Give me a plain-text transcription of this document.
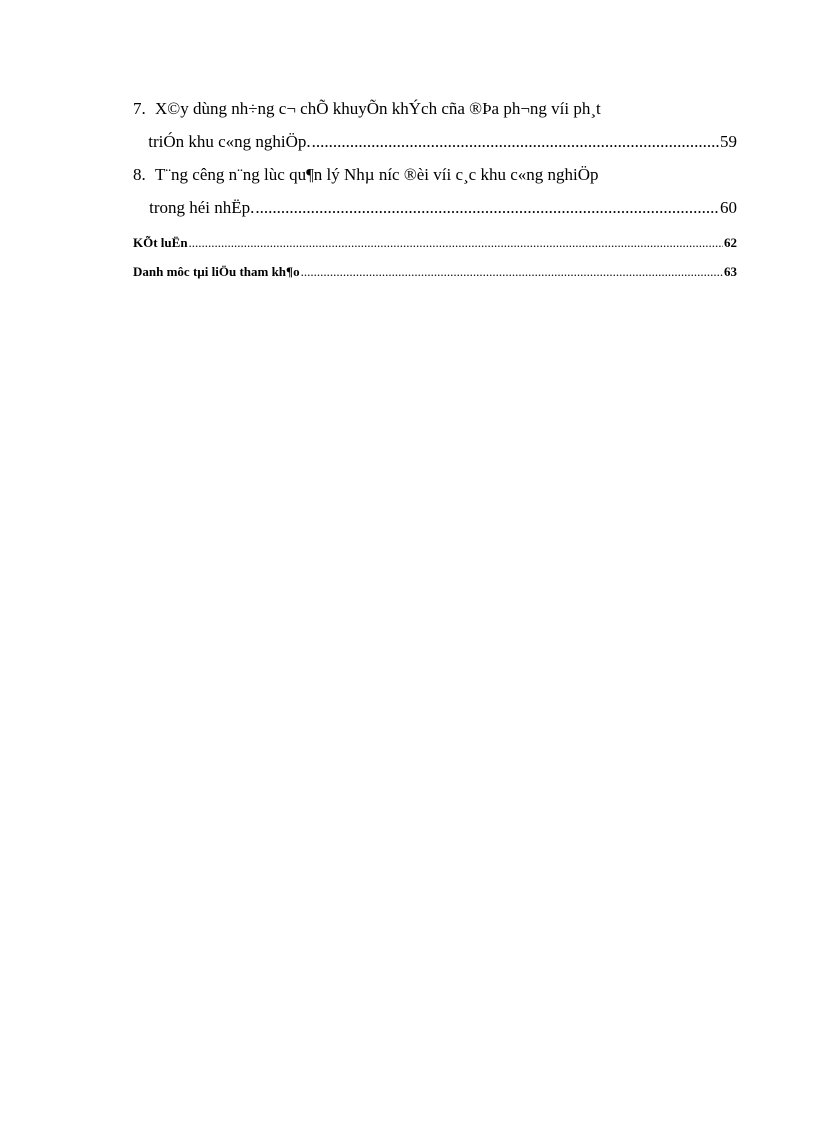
7. X©y dùng nh÷ng c¬ chÕ khuyÕn khÝch cña ®Þa ph¬ng víi ph¸t
triÓn khu c«ng nghiÖp. .....	59
8. T¨ng cêng n¨ng lùc qu¶n lý Nhµ níc ®èi víi c¸c khu c«ng nghiÖp
trong héi nhËp. .....	60
KÕt luËn .....	62
Danh môc tµi liÖu tham kh¶o .....	63
